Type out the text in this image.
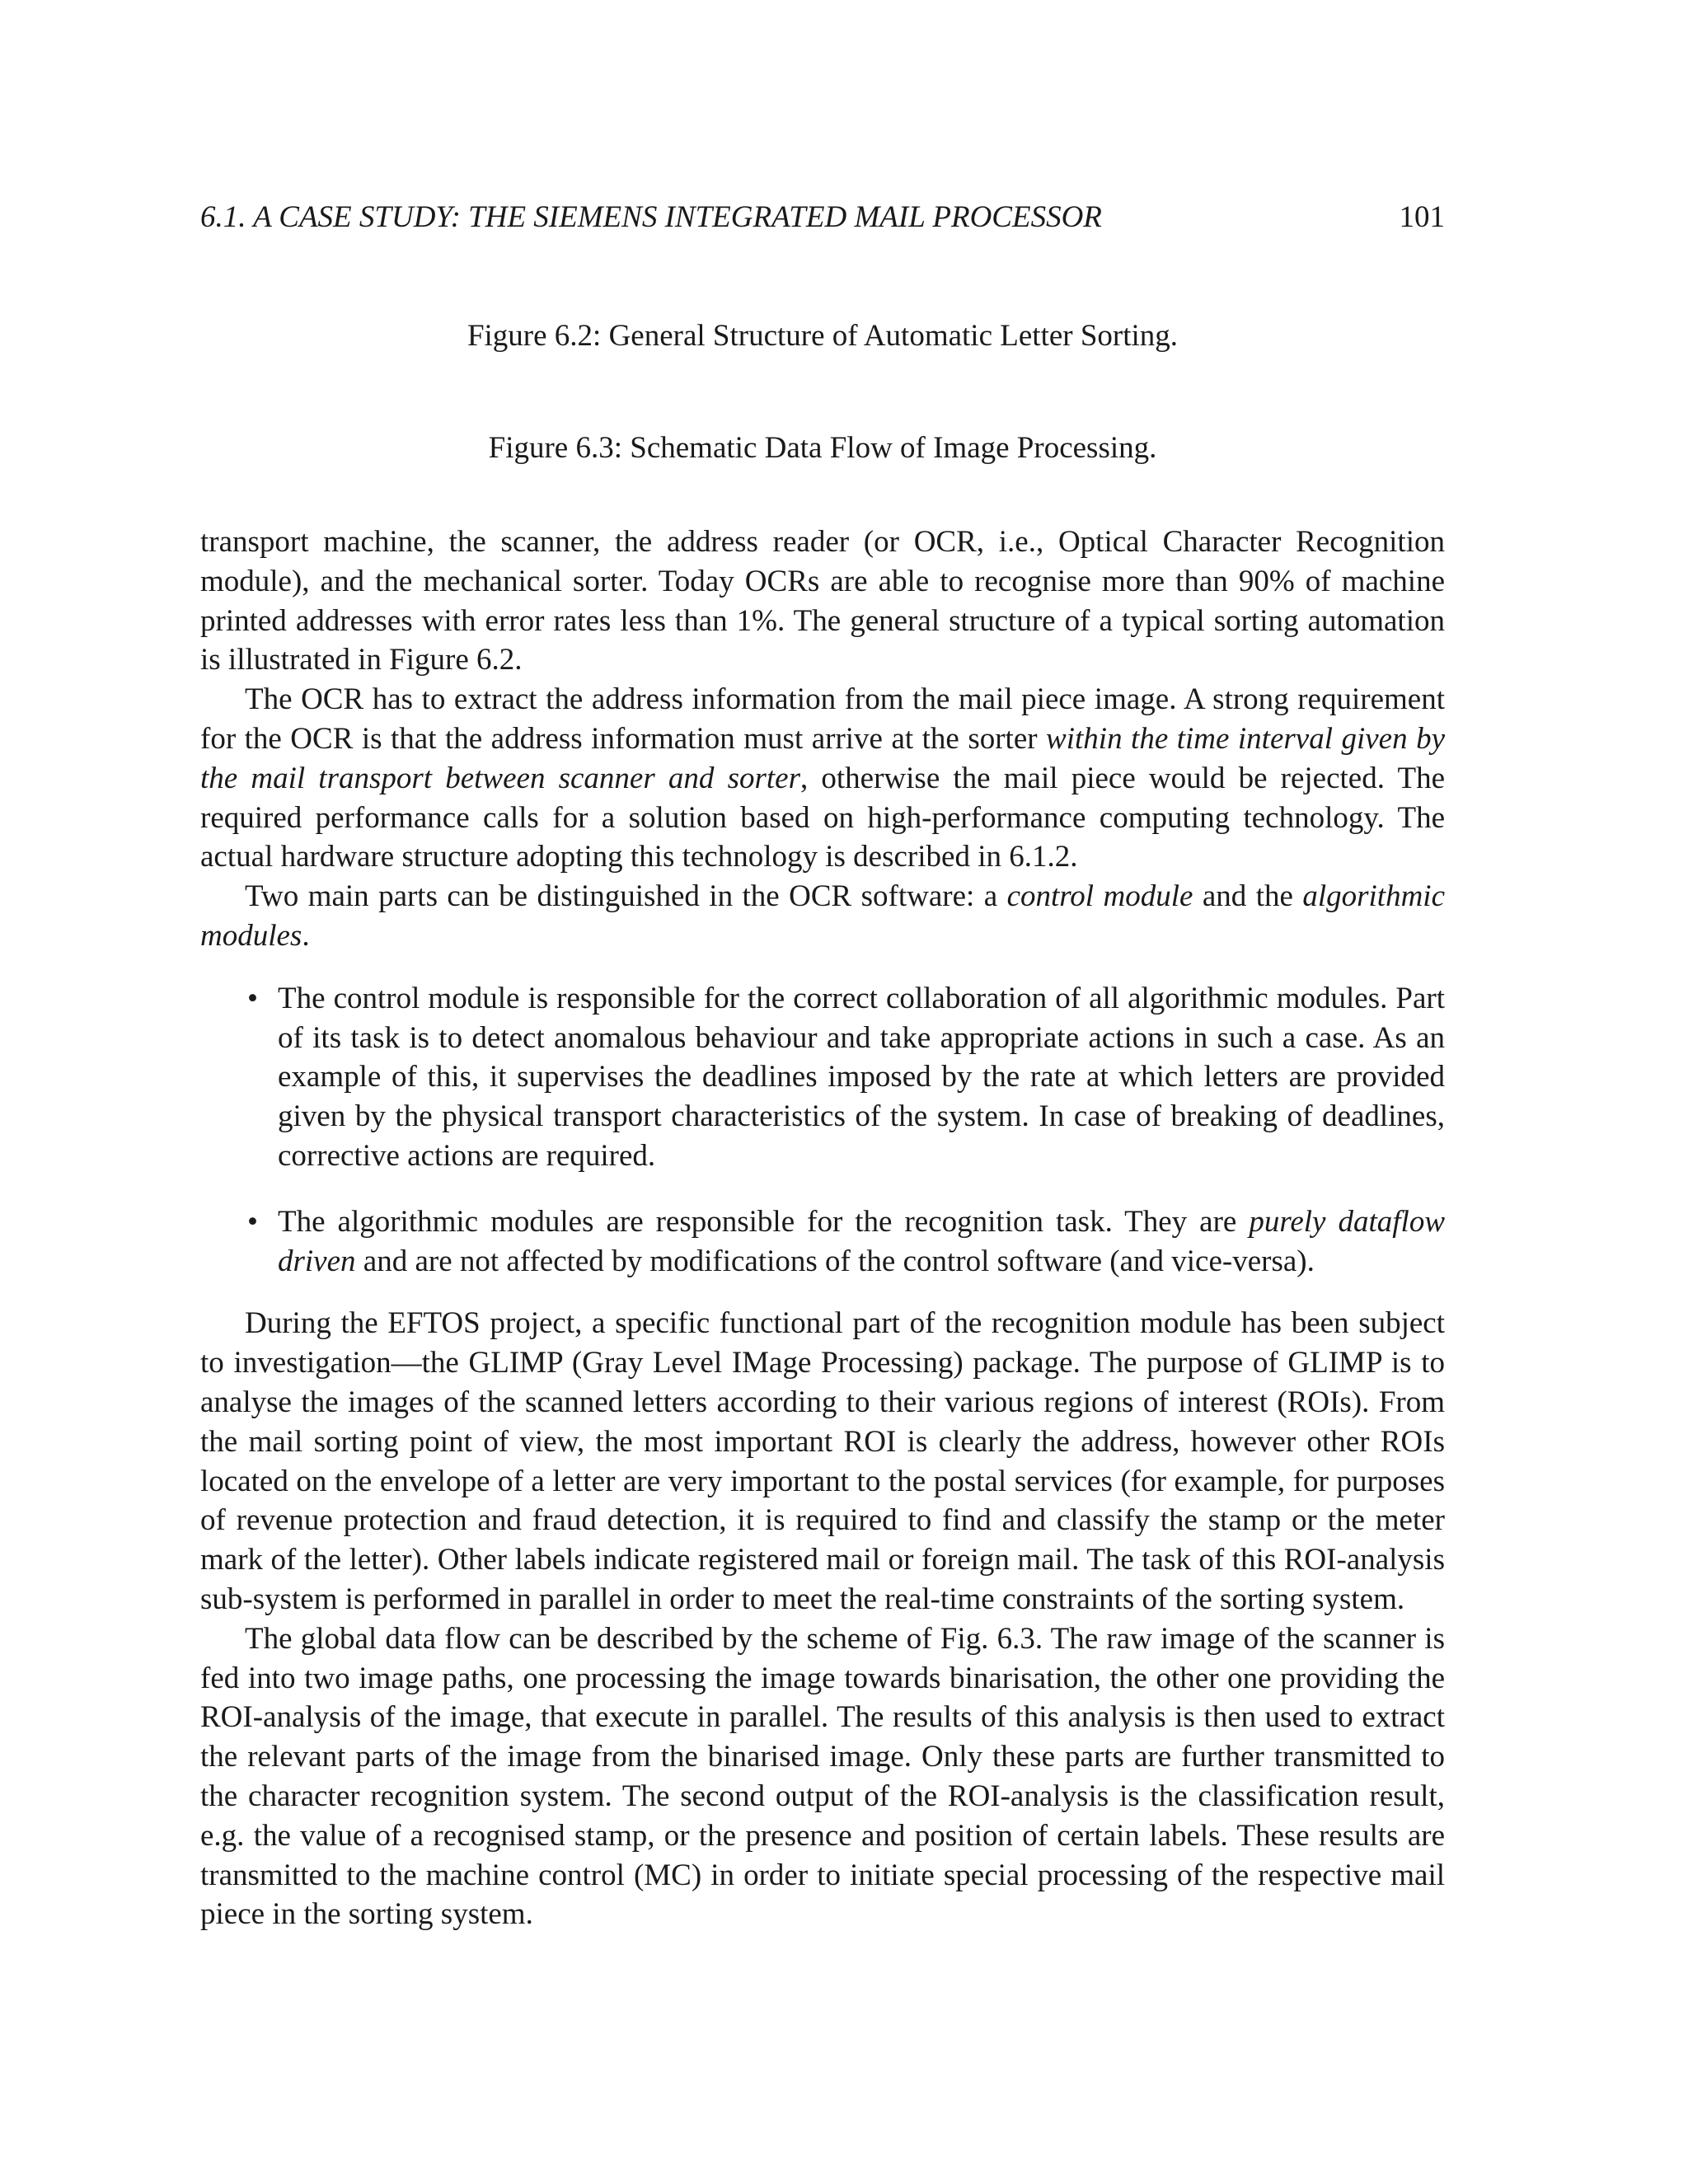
6.1. A CASE STUDY: THE SIEMENS INTEGRATED MAIL PROCESSOR	101
Figure 6.2: General Structure of Automatic Letter Sorting.
Figure 6.3: Schematic Data Flow of Image Processing.

transport machine, the scanner, the address reader (or OCR, i.e., Optical Character Recognition module), and the mechanical sorter. Today OCRs are able to recognise more than 90% of machine printed addresses with error rates less than 1%. The general structure of a typical sorting automation is illustrated in Figure 6.2.

The OCR has to extract the address information from the mail piece image. A strong requirement for the OCR is that the address information must arrive at the sorter within the time interval given by the mail transport between scanner and sorter, otherwise the mail piece would be rejected. The required performance calls for a solution based on high-performance computing technology. The actual hardware structure adopting this technology is described in 6.1.2.

Two main parts can be distinguished in the OCR software: a control module and the algorithmic modules.

• The control module is responsible for the correct collaboration of all algorithmic modules. Part of its task is to detect anomalous behaviour and take appropriate actions in such a case. As an example of this, it supervises the deadlines imposed by the rate at which letters are provided given by the physical transport characteristics of the system. In case of breaking of deadlines, corrective actions are required.
• The algorithmic modules are responsible for the recognition task. They are purely dataflow driven and are not affected by modifications of the control software (and vice-versa).

During the EFTOS project, a specific functional part of the recognition module has been subject to investigation—the GLIMP (Gray Level IMage Processing) package. The purpose of GLIMP is to analyse the images of the scanned letters according to their various regions of interest (ROIs). From the mail sorting point of view, the most important ROI is clearly the address, however other ROIs located on the envelope of a letter are very important to the postal services (for example, for purposes of revenue protection and fraud detection, it is required to find and classify the stamp or the meter mark of the letter). Other labels indicate registered mail or foreign mail. The task of this ROI-analysis sub-system is performed in parallel in order to meet the real-time constraints of the sorting system.

The global data flow can be described by the scheme of Fig. 6.3. The raw image of the scanner is fed into two image paths, one processing the image towards binarisation, the other one providing the ROI-analysis of the image, that execute in parallel. The results of this analysis is then used to extract the relevant parts of the image from the binarised image. Only these parts are further transmitted to the character recognition system. The second output of the ROI-analysis is the classification result, e.g. the value of a recognised stamp, or the presence and position of certain labels. These results are transmitted to the machine control (MC) in order to initiate special processing of the respective mail piece in the sorting system.
